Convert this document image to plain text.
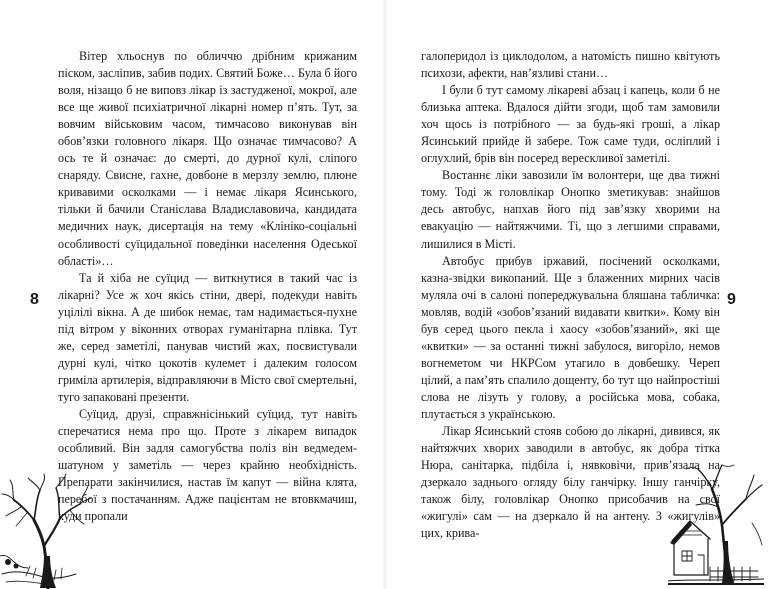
Вітер хльоснув по обличчю дрібним крижаним піском, засліпив, забив подих. Святий Боже… Була б його воля, нізащо б не виповз лікар із застудженої, мокрої, але все ще живої психіатричної лікарні номер п’ять. Тут, за вовчим військовим часом, тимчасово виконував він обов’язки головного лікаря. Що означає тимчасово? А ось те й означає: до смерті, до дурної кулі, сліпого снаряду. Свисне, гахне, довбоне в мерзлу землю, плюне кривавими осколками — і немає лікаря Ясинського, тільки й бачили Станіслава Владиславовича, кандидата медичних наук, дисертація на тему «Клініко-соціальні особливості суїцидальної поведінки населення Одеської області»…

Та й хіба не суїцид — виткнутися в такий час із лікарні? Усе ж хоч якісь стіни, двері, подекуди навіть уцілілі вікна. А де шибок немає, там надимається-пухне під вітром у віконних отворах гуманітарна плівка. Тут же, серед заметілі, панував чистий жах, посвистували дурні кулі, чітко цокотів кулемет і далеким голосом гриміла артилерія, відправляючи в Місто свої смертельні, туго запаковані презенти.

Суїцид, друзі, справжнісінький суїцид, тут навіть сперечатися нема про що. Проте з лікарем випадок особливий. Він задля самогубства поліз він ведмедем-шатуном у заметіль — через крайню необхідність. Препарати закінчилися, настав їм капут — війна клята, перебої з постачанням. Адже пацієнтам не втовкмачиш, куди пропали

галоперидол із циклодолом, а натомість пишно квітують психози, афекти, нав’язливі стани…

І були б тут самому лікареві абзац і капець, коли б не близька аптека. Вдалося дійти згоди, щоб там замовили хоч щось із потрібного — за будь-які гроші, а лікар Ясинський прийде й забере. Тож саме туди, осліплий і оглухлий, брів він посеред верескливої заметілі.

Востаннє ліки завозили їм волонтери, ще два тижні тому. Тоді ж головлікар Онопко зметикував: знайшов десь автобус, напхав його під зав’язку хворими на евакуацію — найтяжчими. Ті, що з легшими справами, лишилися в Місті.

Автобус прибув іржавий, посічений осколками, казна-звідки викопаний. Ще з блаженних мирних часів муляла очі в салоні попереджувальна бляшана табличка: мовляв, водій «зобов’язаний видавати квитки». Кому він був серед цього пекла і хаосу «зобов’язаний», які ще «квитки» — за останні тижні забулося, вигоріло, немов вогнеметом чи НКРСом утагило в довбешку. Череп цілий, а пам’ять спалило дощенту, бо тут що найпростіші слова не лізуть у голову, а російська мова, собака, плутається з українською.

Лікар Ясинський стояв собою до лікарні, дивився, як найтяжчих хворих заводили в автобус, як добра тітка Нюра, санітарка, підбіла і, нявковічи, прив’язала на дзеркало заднього огляду білу ганчірку. Іншу ганчірку, також білу, головлікар Онопко присобачив на свої «жигулі» сам — на дзеркало й на антену. З «жигулів» цих, крива-

8	9
